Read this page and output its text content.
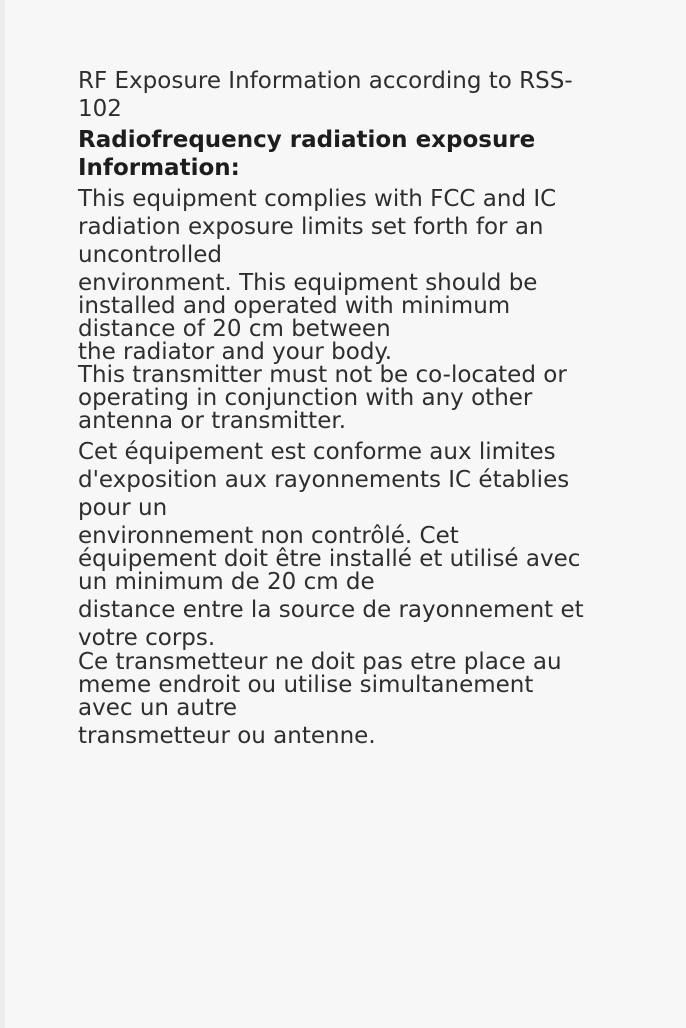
RF Exposure Information according to RSS-
102
Radiofrequency radiation exposure
Information:
This equipment complies with FCC and IC
radiation exposure limits set forth for an
uncontrolled
environment. This equipment should be
installed and operated with minimum
distance of 20 cm between
the radiator and your body.
This transmitter must not be co-located or
operating in conjunction with any other
antenna or transmitter.
Cet équipement est conforme aux limites
d'exposition aux rayonnements IC établies
pour un
environnement non contrôlé. Cet
équipement doit être installé et utilisé avec
un minimum de 20 cm de
distance entre la source de rayonnement et
votre corps.
Ce transmetteur ne doit pas etre place au
meme endroit ou utilise simultanement
avec un autre
transmetteur ou antenne.
